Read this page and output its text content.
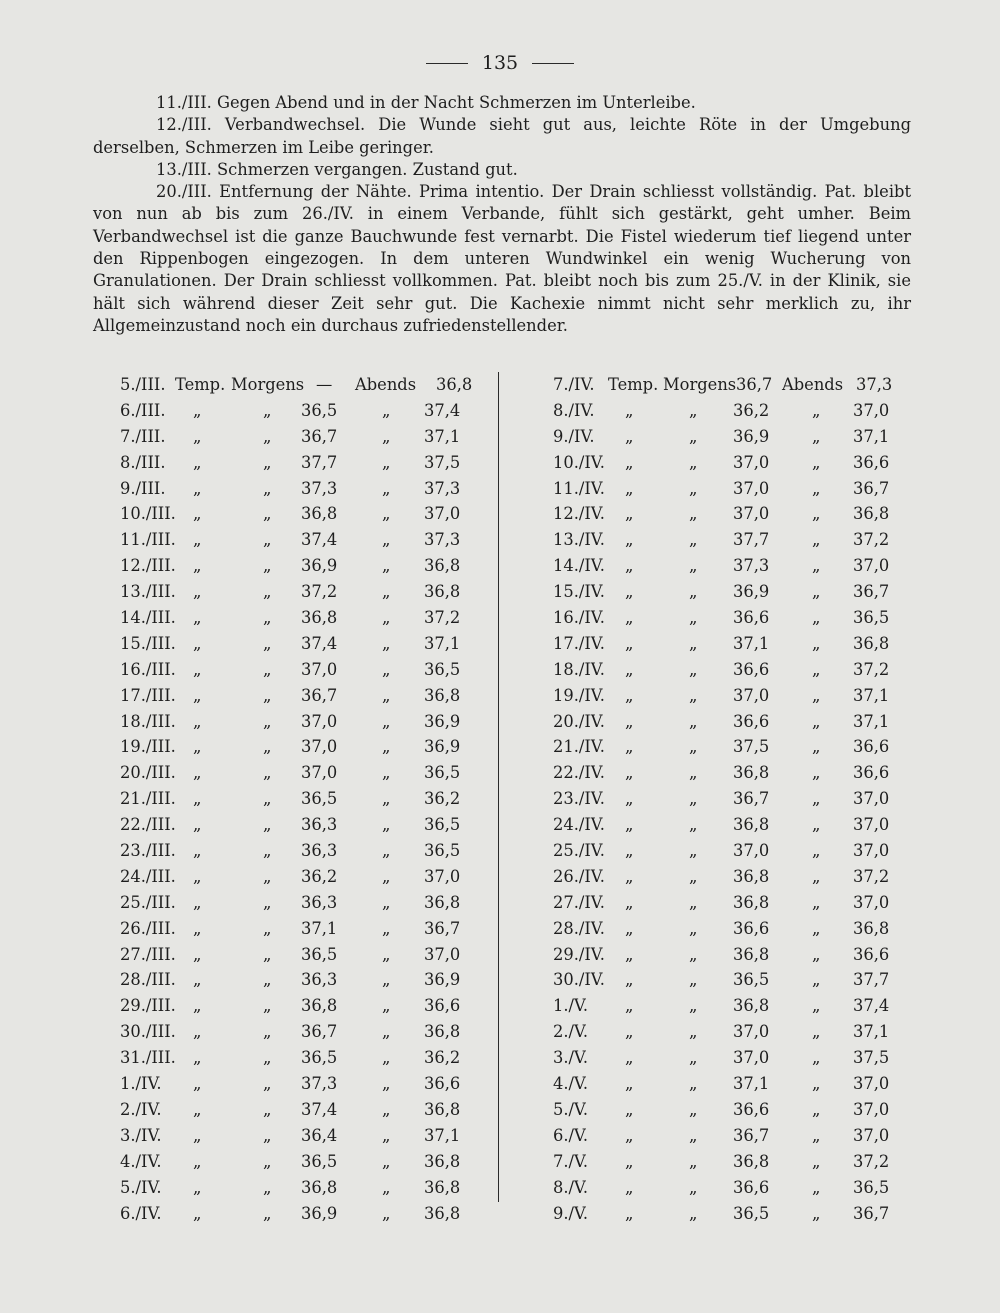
135

11./III. Gegen Abend und in der Nacht Schmerzen im Unterleibe.

12./III. Verbandwechsel. Die Wunde sieht gut aus, leichte Röte in der Umgebung derselben, Schmerzen im Leibe geringer.

13./III. Schmerzen vergangen. Zustand gut.

20./III. Entfernung der Nähte. Prima intentio. Der Drain schliesst vollständig. Pat. bleibt von nun ab bis zum 26./IV. in einem Verbande, fühlt sich gestärkt, geht umher. Beim Verbandwechsel ist die ganze Bauchwunde fest vernarbt. Die Fistel wiederum tief liegend unter den Rippenbogen eingezogen. In dem unteren Wundwinkel ein wenig Wucherung von Granulationen. Der Drain schliesst vollkommen. Pat. bleibt noch bis zum 25./V. in der Klinik, sie hält sich während dieser Zeit sehr gut. Die Kachexie nimmt nicht sehr merklich zu, ihr Allgemeinzustand noch ein durchaus zufriedenstellender.

5./III. Temp. Morgens — Abends 36,8
6./III. „	„ 36,5	„ 37,4
7./III. „	„ 36,7	„ 37,1
8./III. „	„ 37,7	„ 37,5
9./III. „	„ 37,3	„ 37,3
10./III. „	„ 36,8	„ 37,0
11./III. „	„ 37,4	„ 37,3
12./III. „	„ 36,9	„ 36,8
13./III. „	„ 37,2	„ 36,8
14./III. „	„ 36,8	„ 37,2
15./III. „	„ 37,4	„ 37,1
16./III. „	„ 37,0	„ 36,5
17./III. „	„ 36,7	„ 36,8
18./III. „	„ 37,0	„ 36,9
19./III. „	„ 37,0	„ 36,9
20./III. „	„ 37,0	„ 36,5
21./III. „	„ 36,5	„ 36,2
22./III. „	„ 36,3	„ 36,5
23./III. „	„ 36,3	„ 36,5
24./III. „	„ 36,2	„ 37,0
25./III. „	„ 36,3	„ 36,8
26./III. „	„ 37,1	„ 36,7
27./III. „	„ 36,5	„ 37,0
28./III. „	„ 36,3	„ 36,9
29./III. „	„ 36,8	„ 36,6
30./III. „	„ 36,7	„ 36,8
31./III. „	„ 36,5	„ 36,2
1./IV. „	„ 37,3	„ 36,6
2./IV. „	„ 37,4	„ 36,8
3./IV. „	„ 36,4	„ 37,1
4./IV. „	„ 36,5	„ 36,8
5./IV. „	„ 36,8	„ 36,8
6./IV. „	„ 36,9	„ 36,8
7./IV. Temp. Morgens 36,7 Abends 37,3
8./IV. „	„ 36,2	„ 37,0
9./IV. „	„ 36,9	„ 37,1
10./IV. „	„ 37,0	„ 36,6
11./IV. „	„ 37,0	„ 36,7
12./IV. „	„ 37,0	„ 36,8
13./IV. „	„ 37,7	„ 37,2
14./IV. „	„ 37,3	„ 37,0
15./IV. „	„ 36,9	„ 36,7
16./IV. „	„ 36,6	„ 36,5
17./IV. „	„ 37,1	„ 36,8
18./IV. „	„ 36,6	„ 37,2
19./IV. „	„ 37,0	„ 37,1
20./IV. „	„ 36,6	„ 37,1
21./IV. „	„ 37,5	„ 36,6
22./IV. „	„ 36,8	„ 36,6
23./IV. „	„ 36,7	„ 37,0
24./IV. „	„ 36,8	„ 37,0
25./IV. „	„ 37,0	„ 37,0
26./IV. „	„ 36,8	„ 37,2
27./IV. „	„ 36,8	„ 37,0
28./IV. „	„ 36,6	„ 36,8
29./IV. „	„ 36,8	„ 36,6
30./IV. „	„ 36,5	„ 37,7
1./V. „	„ 36,8	„ 37,4
2./V. „	„ 37,0	„ 37,1
3./V. „	„ 37,0	„ 37,5
4./V. „	„ 37,1	„ 37,0
5./V. „	„ 36,6	„ 37,0
6./V. „	„ 36,7	„ 37,0
7./V. „	„ 36,8	„ 37,2
8./V. „	„ 36,6	„ 36,5
9./V. „	„ 36,5	„ 36,7
